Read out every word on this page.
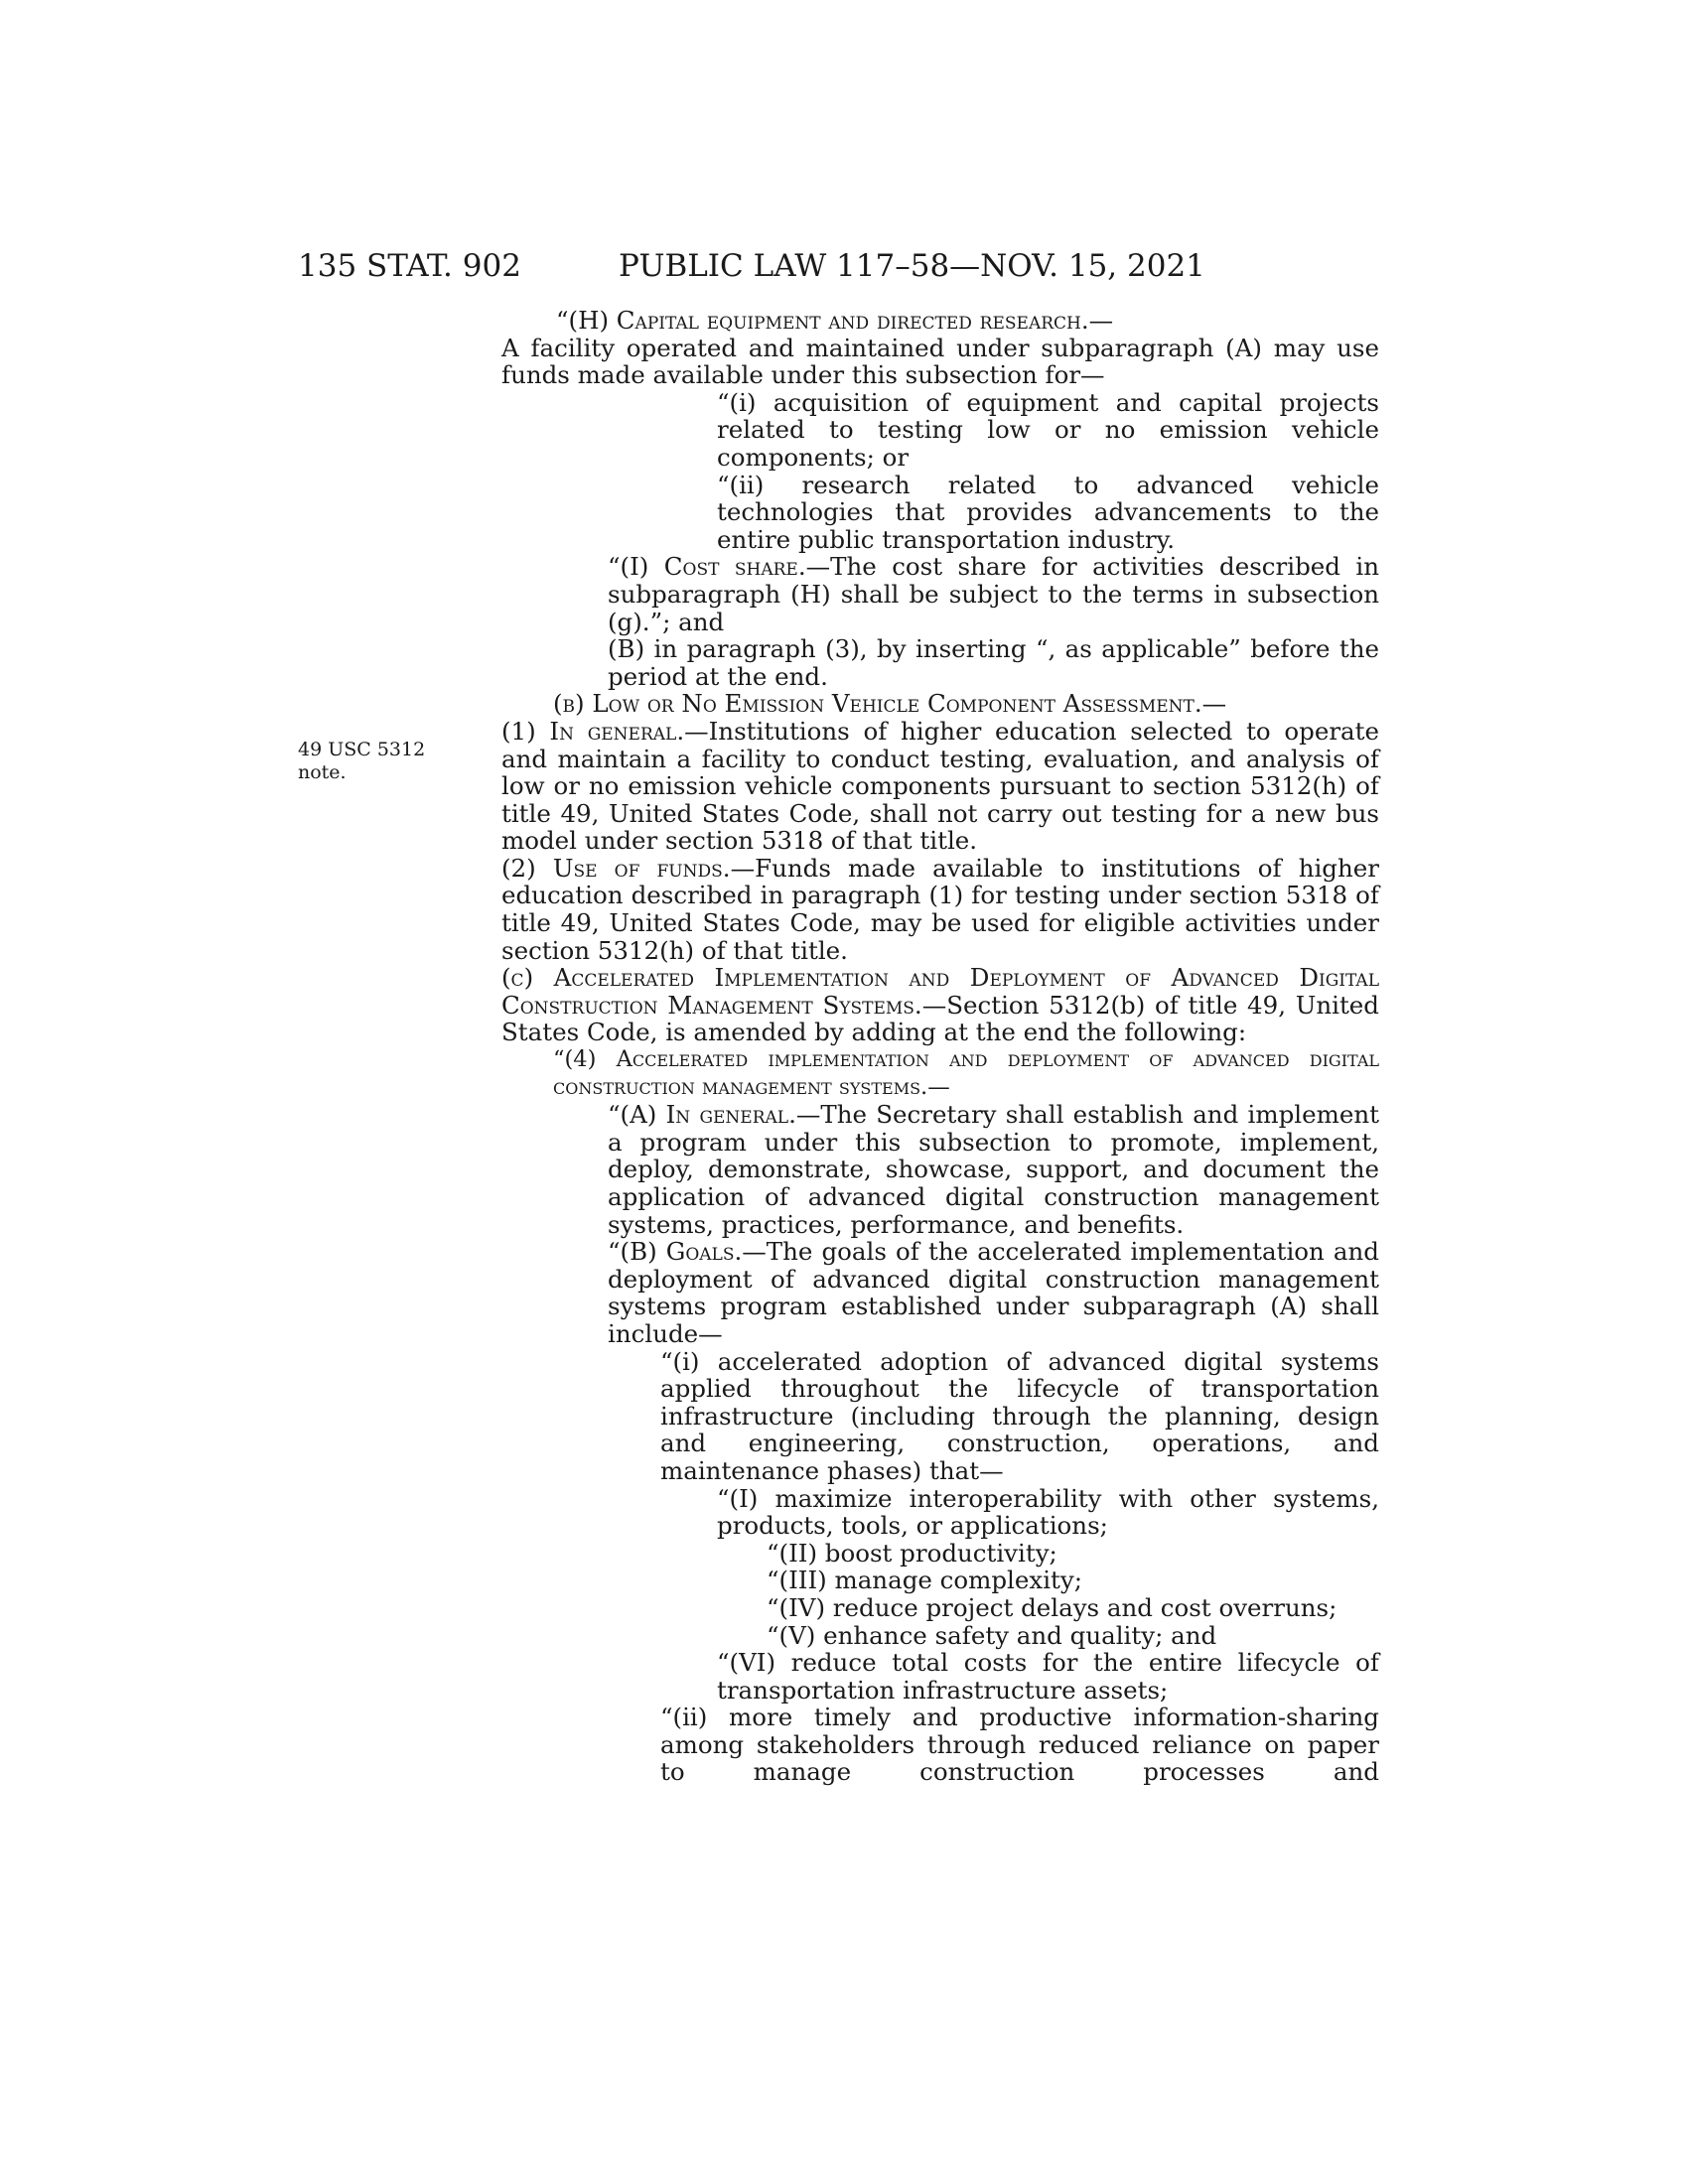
135 STAT. 902	PUBLIC LAW 117–58—NOV. 15, 2021
49 USC 5312
note.

“(H) Capital equipment and directed research.—

A facility operated and maintained under subparagraph (A) may use funds made available under this subsection for—

“(i) acquisition of equipment and capital projects related to testing low or no emission vehicle components; or

“(ii) research related to advanced vehicle technologies that provides advancements to the entire public transportation industry.

“(I) Cost share.—The cost share for activities described in subparagraph (H) shall be subject to the terms in subsection (g).”; and

(B) in paragraph (3), by inserting “, as applicable” before the period at the end.

(b) Low or No Emission Vehicle Component Assessment.—

(1) In general.—Institutions of higher education selected to operate and maintain a facility to conduct testing, evaluation, and analysis of low or no emission vehicle components pursuant to section 5312(h) of title 49, United States Code, shall not carry out testing for a new bus model under section 5318 of that title.

(2) Use of funds.—Funds made available to institutions of higher education described in paragraph (1) for testing under section 5318 of title 49, United States Code, may be used for eligible activities under section 5312(h) of that title.

(c) Accelerated Implementation and Deployment of Advanced Digital Construction Management Systems.—Section 5312(b) of title 49, United States Code, is amended by adding at the end the following:

“(4) Accelerated implementation and deployment of advanced digital construction management systems.—

“(A) In general.—The Secretary shall establish and implement a program under this subsection to promote, implement, deploy, demonstrate, showcase, support, and document the application of advanced digital construction management systems, practices, performance, and benefits.

“(B) Goals.—The goals of the accelerated implementation and deployment of advanced digital construction management systems program established under subparagraph (A) shall include—

“(i) accelerated adoption of advanced digital systems applied throughout the lifecycle of transportation infrastructure (including through the planning, design and engineering, construction, operations, and maintenance phases) that—

“(I) maximize interoperability with other systems, products, tools, or applications;

“(II) boost productivity;

“(III) manage complexity;

“(IV) reduce project delays and cost overruns;

“(V) enhance safety and quality; and

“(VI) reduce total costs for the entire lifecycle of transportation infrastructure assets;

“(ii) more timely and productive information-sharing among stakeholders through reduced reliance on paper to manage construction processes and
